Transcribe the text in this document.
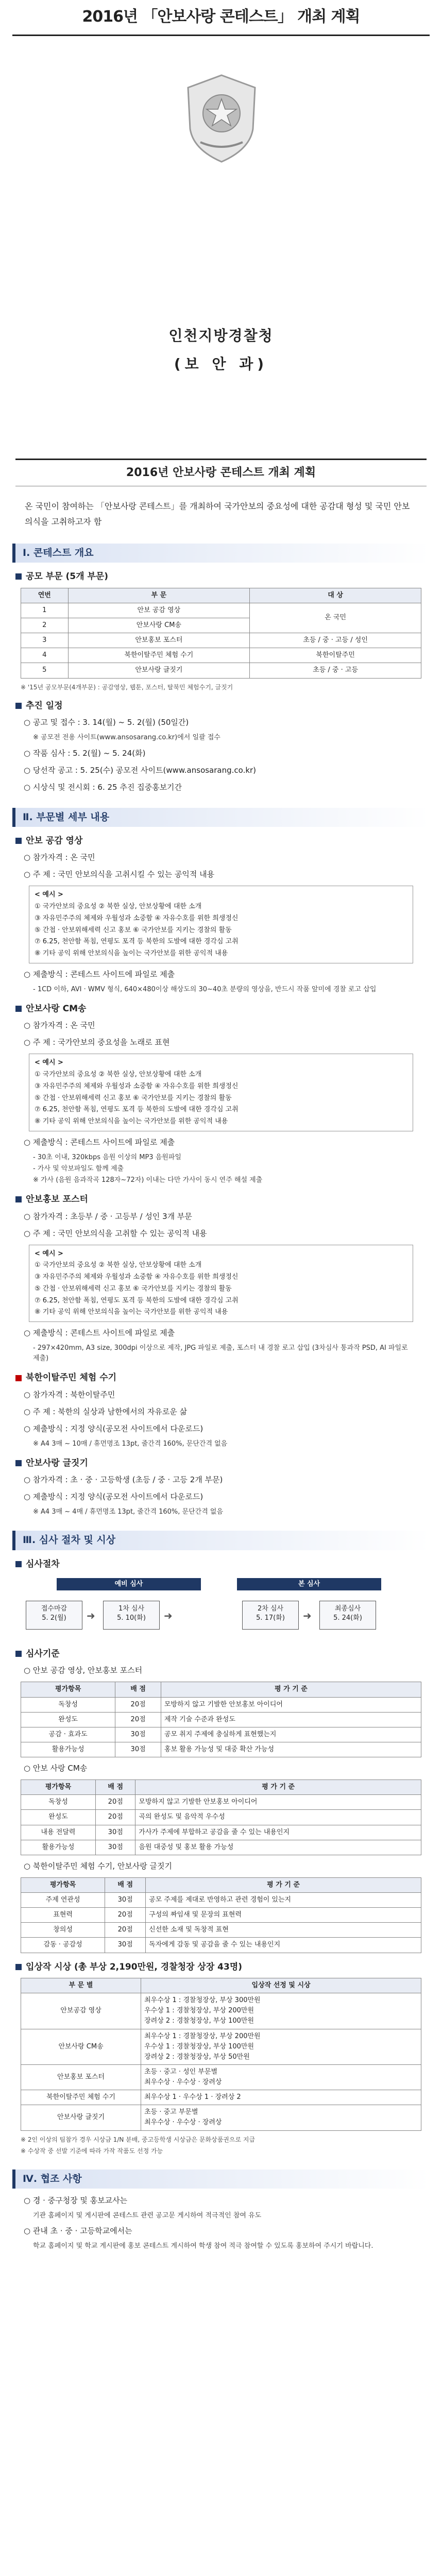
2016년 「안보사랑 콘테스트」 개최 계획
인천지방경찰청
(보 안 과)
2016년 안보사랑 콘테스트 개최 계획

온 국민이 참여하는 「안보사랑 콘테스트」를 개최하여 국가안보의 중요성에 대한 공감대 형성 및 국민 안보의식을 고취하고자 함

Ⅰ. 콘테스트 개요
공모 부문 (5개 부문)
연번	부 문	대 상
1	안보 공감 영상	온 국민
2	안보사랑 CM송	
3	안보홍보 포스터	초등 / 중 · 고등 / 성인
4	북한이탈주민 체험 수기	북한이탈주민
5	안보사랑 글짓기	초등 / 중 · 고등
※ '15년 공모부문(4개부문) : 공감영상, 웹툰, 포스터, 탈북민 체험수기, 글짓기
추진 일정
○ 공고 및 접수 : 3. 14(월) ~ 5. 2(월) (50일간)
※ 공모전 전용 사이트(www.ansosarang.co.kr)에서 일괄 접수
○ 작품 심사 : 5. 2(월) ~ 5. 24(화)
○ 당선작 공고 : 5. 25(수) 공모전 사이트(www.ansosarang.co.kr)
○ 시상식 및 전시회 : 6. 25 추진 집중홍보기간
Ⅱ. 부문별 세부 내용
안보 공감 영상
○ 참가자격 : 온 국민
○ 주 제 : 국민 안보의식을 고취시킬 수 있는 공익적 내용
< 예시 >
① 국가안보의 중요성 ② 북한 실상, 안보상황에 대한 소개
③ 자유민주주의 체제와 우월성과 소중함 ④ 자유수호를 위한 희생정신
⑤ 간첩 · 안보위해세력 신고 홍보 ⑥ 국가안보를 지키는 경찰의 활동
⑦ 6.25, 천안함 폭침, 연평도 포격 등 북한의 도발에 대한 경각심 고취
⑧ 기타 공익 위해 안보의식을 높이는 국가안보를 위한 공익적 내용
○ 제출방식 : 콘테스트 사이트에 파일로 제출
- 1CD 이하, AVI · WMV 형식, 640×480이상 해상도의 30~40초 분량의 영상을, 반드시 작품 앞미에 경찰 로고 삽입
안보사랑 CM송
○ 참가자격 : 온 국민
○ 주 제 : 국가안보의 중요성을 노래로 표현
< 예시 >
① 국가안보의 중요성 ② 북한 실상, 안보상황에 대한 소개
③ 자유민주주의 체제와 우월성과 소중함 ④ 자유수호를 위한 희생정신
⑤ 간첩 · 안보위해세력 신고 홍보 ⑥ 국가안보를 지키는 경찰의 활동
⑦ 6.25, 천안함 폭침, 연평도 포격 등 북한의 도발에 대한 경각심 고취
⑧ 기타 공익 위해 안보의식을 높이는 국가안보를 위한 공익적 내용
○ 제출방식 : 콘테스트 사이트에 파일로 제출
- 30초 이내, 320kbps 음원 이상의 MP3 음원파일
- 가사 및 악보파일도 함께 제출
※ 가사 (음원 음과작곡 128자~72자) 이내는 다만 가사이 동시 연주 해설 제출
안보홍보 포스터
○ 참가자격 : 초등부 / 중 · 고등부 / 성인 3개 부문
○ 주 제 : 국민 안보의식을 고취할 수 있는 공익적 내용
< 예시 >
① 국가안보의 중요성 ② 북한 실상, 안보상황에 대한 소개
③ 자유민주주의 체제와 우월성과 소중함 ④ 자유수호를 위한 희생정신
⑤ 간첩 · 안보위해세력 신고 홍보 ⑥ 국가안보를 지키는 경찰의 활동
⑦ 6.25, 천안함 폭침, 연평도 포격 등 북한의 도발에 대한 경각심 고취
⑧ 기타 공익 위해 안보의식을 높이는 국가안보를 위한 공익적 내용
○ 제출방식 : 콘테스트 사이트에 파일로 제출
- 297×420mm, A3 size, 300dpi 이상으로 제작, JPG 파일로 제출, 포스터 내 경찰 로고 삽입 (3차심사 통과작 PSD, AI 파일로 제출)
북한이탈주민 체험 수기
○ 참가자격 : 북한이탈주민
○ 주 제 : 북한의 실상과 남한에서의 자유로운 삶
○ 제출방식 : 지정 양식(공모전 사이트에서 다운로드)
※ A4 3매 ~ 10매 / 휴먼명조 13pt, 줄간격 160%, 문단간격 없음
안보사랑 글짓기
○ 참가자격 : 초 · 중 · 고등학생 (초등 / 중 · 고등 2개 부문)
○ 제출방식 : 지정 양식(공모전 사이트에서 다운로드)
※ A4 3매 ~ 4매 / 휴먼명조 13pt, 줄간격 160%, 문단간격 없음
Ⅲ. 심사 절차 및 시상
심사절차
예비 심사	본 심사
접수마감
5. 2(월)	➜
1차 심사
5. 10(화)	➜
2차 심사
5. 17(화)	➜
최종심사
5. 24(화)
심사기준
○ 안보 공감 영상, 안보홍보 포스터
평가항목	배 점	평 가 기 준
독창성	20점	모방하지 않고 기발한 안보홍보 아이디어
완성도	20점	제작 기술 수준과 완성도
공감 · 효과도	30점	공모 취지 주제에 충실하게 표현했는지
활용가능성	30점	홍보 활용 가능성 및 대중 확산 가능성
○ 안보 사랑 CM송
평가항목	배 점	평 가 기 준
독창성	20점	모방하지 않고 기발한 안보홍보 아이디어
완성도	20점	곡의 완성도 및 음악적 우수성
내용 전달력	30점	가사가 주제에 부합하고 공감을 줄 수 있는 내용인지
활용가능성	30점	음원 대중성 및 홍보 활용 가능성
○ 북한이탈주민 체험 수기, 안보사랑 글짓기
평가항목	배 점	평 가 기 준
주제 연관성	30점	공모 주제를 제대로 반영하고 관련 경험이 있는지
표현력	20점	구성의 짜임새 및 문장의 표현력
창의성	20점	신선한 소재 및 독창적 표현
감동 · 공감성	30점	독자에게 감동 및 공감을 줄 수 있는 내용인지
입상작 시상 (총 부상 2,190만원, 경찰청장 상장 43명)
부 문 별	입상작 선정 및 시상
안보공감 영상	최우수상 1 : 경찰청장상, 부상 300만원
우수상 1 : 경찰청장상, 부상 200만원
장려상 2 : 경찰청장상, 부상 100만원
안보사랑 CM송	최우수상 1 : 경찰청장상, 부상 200만원
우수상 1 : 경찰청장상, 부상 100만원
장려상 2 : 경찰청장상, 부상 50만원
안보홍보 포스터	초등 · 중고 · 성인 부문별
최우수상 · 우수상 · 장려상
북한이탈주민 체험 수기	최우수상 1 · 우수상 1 · 장려상 2
안보사랑 글짓기	초등 · 중고 부문별
최우수상 · 우수상 · 장려상
※ 2인 이상의 팀참가 경우 시상금 1/N 분배, 중고등학생 시상금은 문화상품권으로 지급
※ 수상작 중 선발 기준에 따라 가작 작품도 선정 가능
Ⅳ. 협조 사항
○ 경 · 중구청장 및 홍보교사는
기관 홈페이지 및 게시판에 콘테스트 관련 공고문 게시하여 적극적인 참여 유도
○ 관내 초 · 중 · 고등학교에서는
학교 홈페이지 및 학교 게시판에 홍보 콘테스트 게시하여 학생 참여 적극 참여할 수 있도록 홍보하여 주시기 바랍니다.
